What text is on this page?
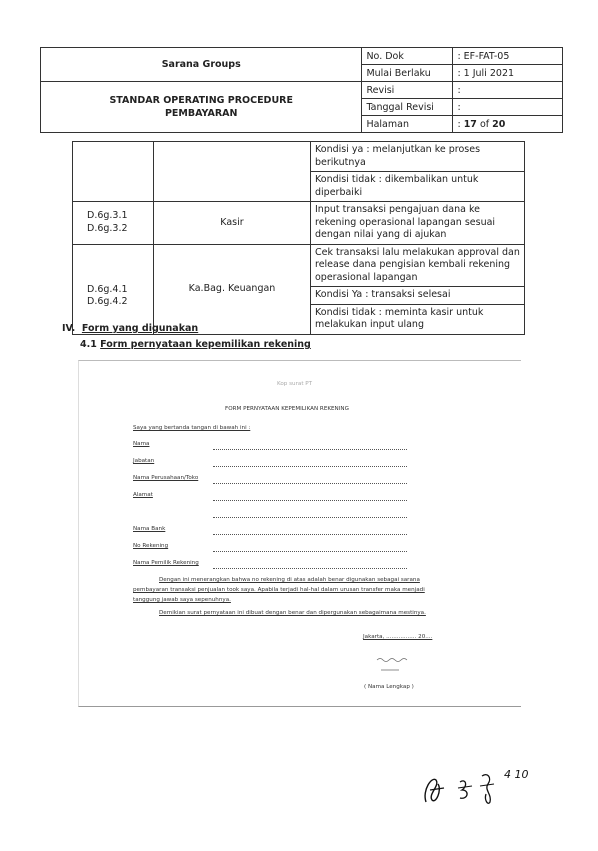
Sarana Groups	No. Dok	: EF-FAT-05
	Mulai Berlaku	: 1 Juli 2021

STANDAR OPERATING PROCEDURE
PEMBAYARAN	Revisi	:
	Tanggal Revisi	:
	Halaman	: 17 of 20
		Kondisi ya : melanjutkan ke proses berikutnya
		Kondisi tidak : dikembalikan untuk diperbaiki

D.6g.3.1
D.6g.3.2	Kasir	Input transaksi pengajuan dana ke rekening operasional lapangan sesuai dengan nilai yang di ajukan

D.6g.4.1
D.6g.4.2	Ka.Bag. Keuangan	Cek transaksi lalu melakukan approval dan release dana pengisian kembali rekening operasional lapangan
		Kondisi Ya : transaksi selesai
		Kondisi tidak : meminta kasir untuk melakukan input ulang
IV. Form yang digunakan
4.1 Form pernyataan kepemilikan rekening
Kop surat PT
FORM PERNYATAAN KEPEMILIKAN REKENING
Saya yang bertanda tangan di bawah ini :
Nama
Jabatan
Nama Perusahaan/Toko
Alamat
Nama Bank
No Rekening
Nama Pemilik Rekening
Dengan ini menerangkan bahwa no rekening di atas adalah benar digunakan sebagai sarana
pembayaran transaksi penjualan took saya. Apabila terjadi hal-hal dalam urusan transfer maka menjadi
tanggung jawab saya sepenuhnya.
Demikian surat pernyataan ini dibuat dengan benar dan dipergunakan sebagaimana mestinya.
Jakarta, ................. 20....
( Nama Lengkap )
4 10
